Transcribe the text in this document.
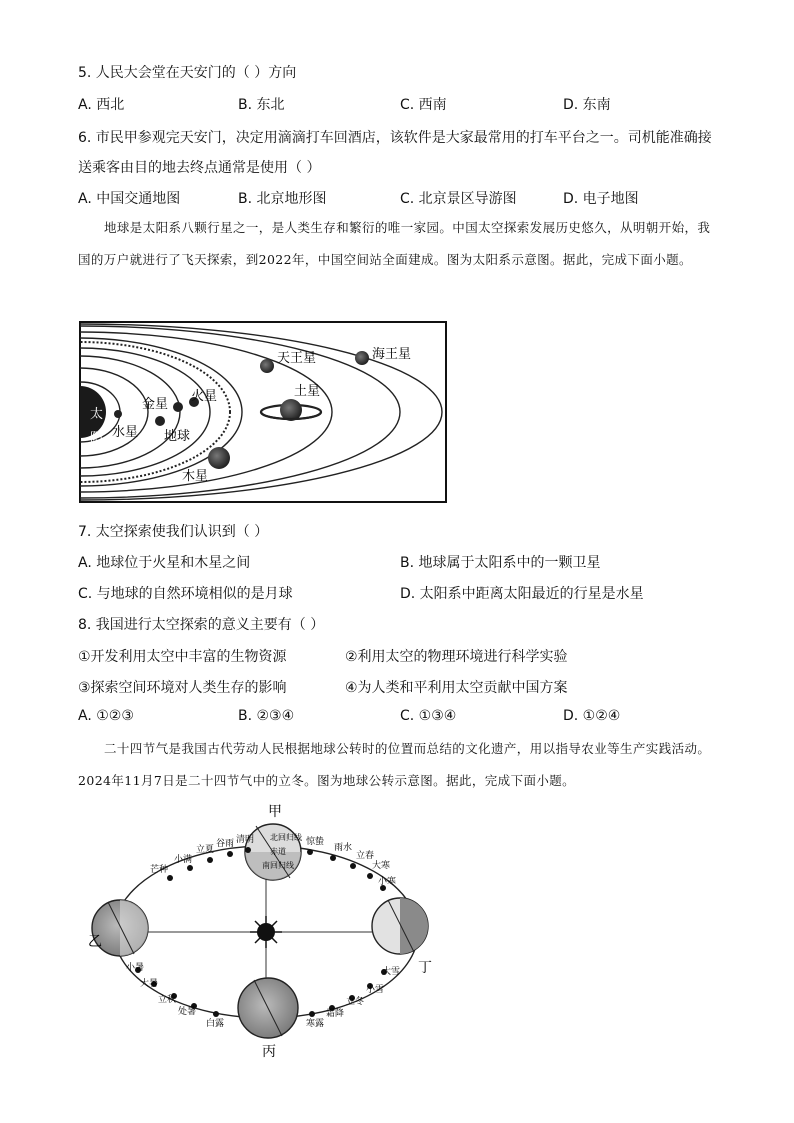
5. 人民大会堂在天安门的（ ）方向
A. 西北	B. 东北	C. 西南	D. 东南
6. 市民甲参观完天安门，决定用滴滴打车回酒店，该软件是大家最常用的打车平台之一。司机能准确接
送乘客由目的地去终点通常是使用（ ）
A. 中国交通地图	B. 北京地形图	C. 北京景区导游图	D. 电子地图

地球是太阳系八颗行星之一，是人类生存和繁衍的唯一家园。中国太空探索发展历史悠久，从明朝开始，我国的万户就进行了飞天探索，到2022年，中国空间站全面建成。图为太阳系示意图。据此，完成下面小题。

太
阳 水星
金星
地球
火星
木星
土星
天王星	海王星
7. 太空探索使我们认识到（ ）
A. 地球位于火星和木星之间	B. 地球属于太阳系中的一颗卫星
C. 与地球的自然环境相似的是月球	D. 太阳系中距离太阳最近的行星是水星
8. 我国进行太空探索的意义主要有（ ）
①开发利用太空中丰富的生物资源	②利用太空的物理环境进行科学实验
③探索空间环境对人类生存的影响	④为人类和平利用太空贡献中国方案
A. ①②③	B. ②③④	C. ①③④	D. ①②④

二十四节气是我国古代劳动人民根据地球公转时的位置而总结的文化遗产，用以指导农业等生产实践活动。2024年11月7日是二十四节气中的立冬。图为地球公转示意图。据此，完成下面小题。

甲
北回归线
赤道
南回归线
乙
丙
丁
清明
谷雨
立夏
小满
芒种
惊蛰
雨水
立春
大寒
小寒
小暑
大暑
立秋
处暑
白露	寒露
霜降
立冬
小雪
大雪
